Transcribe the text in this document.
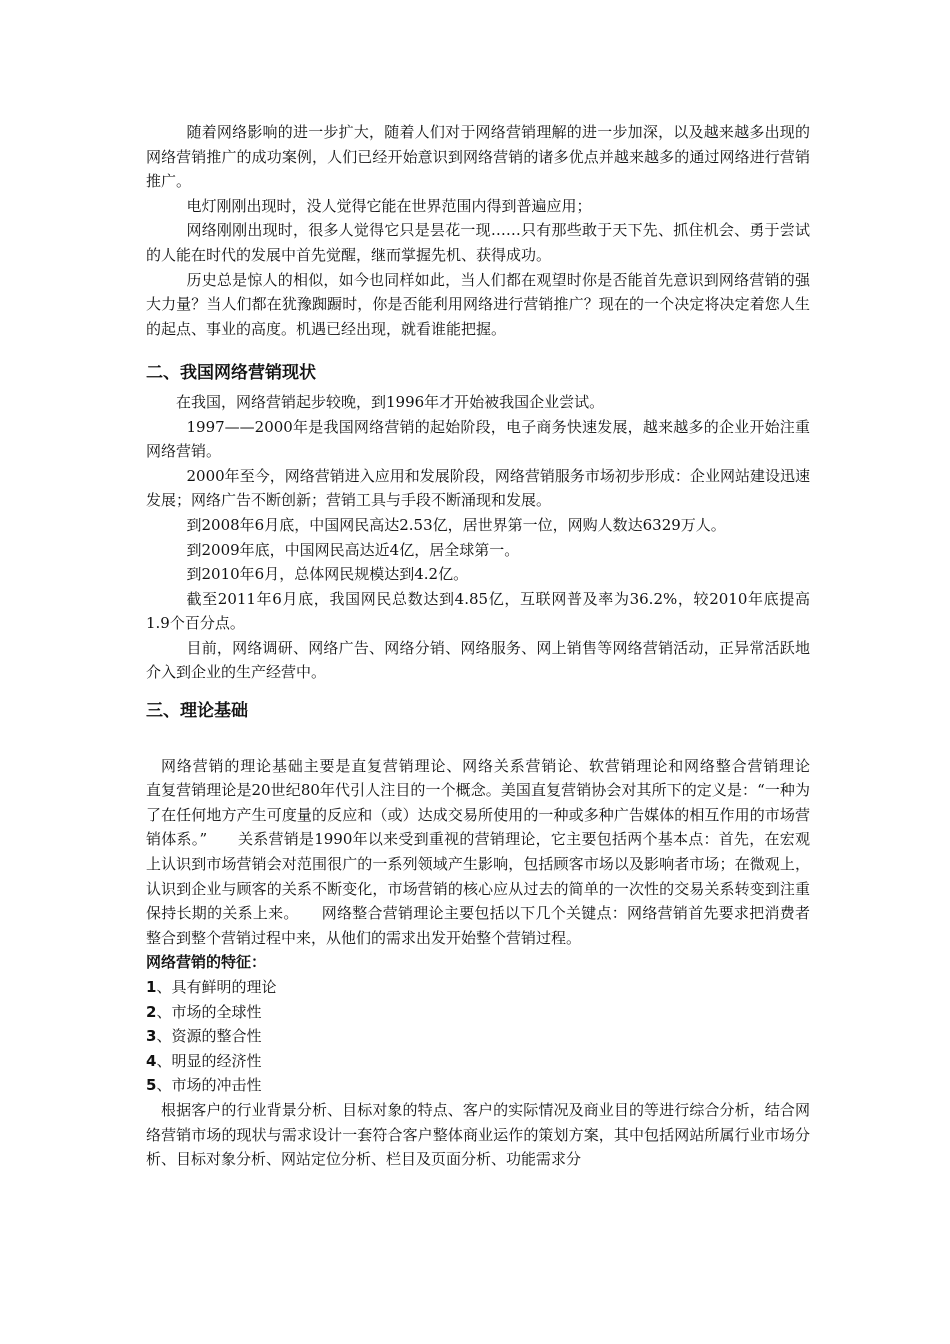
随着网络影响的进一步扩大，随着人们对于网络营销理解的进一步加深，以及越来越多出现的网络营销推广的成功案例，人们已经开始意识到网络营销的诸多优点并越来越多的通过网络进行营销推广。

电灯刚刚出现时，没人觉得它能在世界范围内得到普遍应用；

网络刚刚出现时，很多人觉得它只是昙花一现……只有那些敢于天下先、抓住机会、勇于尝试的人能在时代的发展中首先觉醒，继而掌握先机、获得成功。

历史总是惊人的相似，如今也同样如此，当人们都在观望时你是否能首先意识到网络营销的强大力量？当人们都在犹豫踟蹰时，你是否能利用网络进行营销推广？现在的一个决定将决定着您人生的起点、事业的高度。机遇已经出现，就看谁能把握。

二、我国网络营销现状

在我国，网络营销起步较晚，到1996年才开始被我国企业尝试。

1997——2000年是我国网络营销的起始阶段，电子商务快速发展，越来越多的企业开始注重网络营销。

2000年至今，网络营销进入应用和发展阶段，网络营销服务市场初步形成：企业网站建设迅速发展；网络广告不断创新；营销工具与手段不断涌现和发展。

到2008年6月底，中国网民高达2.53亿，居世界第一位，网购人数达6329万人。

到2009年底，中国网民高达近4亿，居全球第一。

到2010年6月，总体网民规模达到4.2亿。

截至2011年6月底，我国网民总数达到4.85亿，互联网普及率为36.2%，较2010年底提高1.9个百分点。

目前，网络调研、网络广告、网络分销、网络服务、网上销售等网络营销活动，正异常活跃地介入到企业的生产经营中。

三、理论基础

网络营销的理论基础主要是直复营销理论、网络关系营销论、软营销理论和网络整合营销理论　　直复营销理论是20世纪80年代引人注目的一个概念。美国直复营销协会对其所下的定义是：“一种为了在任何地方产生可度量的反应和（或）达成交易所使用的一种或多种广告媒体的相互作用的市场营销体系。”　　关系营销是1990年以来受到重视的营销理论，它主要包括两个基本点：首先，在宏观上认识到市场营销会对范围很广的一系列领域产生影响，包括顾客市场以及影响者市场；在微观上，认识到企业与顾客的关系不断变化，市场营销的核心应从过去的简单的一次性的交易关系转变到注重保持长期的关系上来。　　网络整合营销理论主要包括以下几个关键点：网络营销首先要求把消费者整合到整个营销过程中来，从他们的需求出发开始整个营销过程。

网络营销的特征：

1、具有鲜明的理论

2、市场的全球性

3、资源的整合性

4、明显的经济性

5、市场的冲击性

根据客户的行业背景分析、目标对象的特点、客户的实际情况及商业目的等进行综合分析，结合网络营销市场的现状与需求设计一套符合客户整体商业运作的策划方案，其中包括网站所属行业市场分析、目标对象分析、网站定位分析、栏目及页面分析、功能需求分
